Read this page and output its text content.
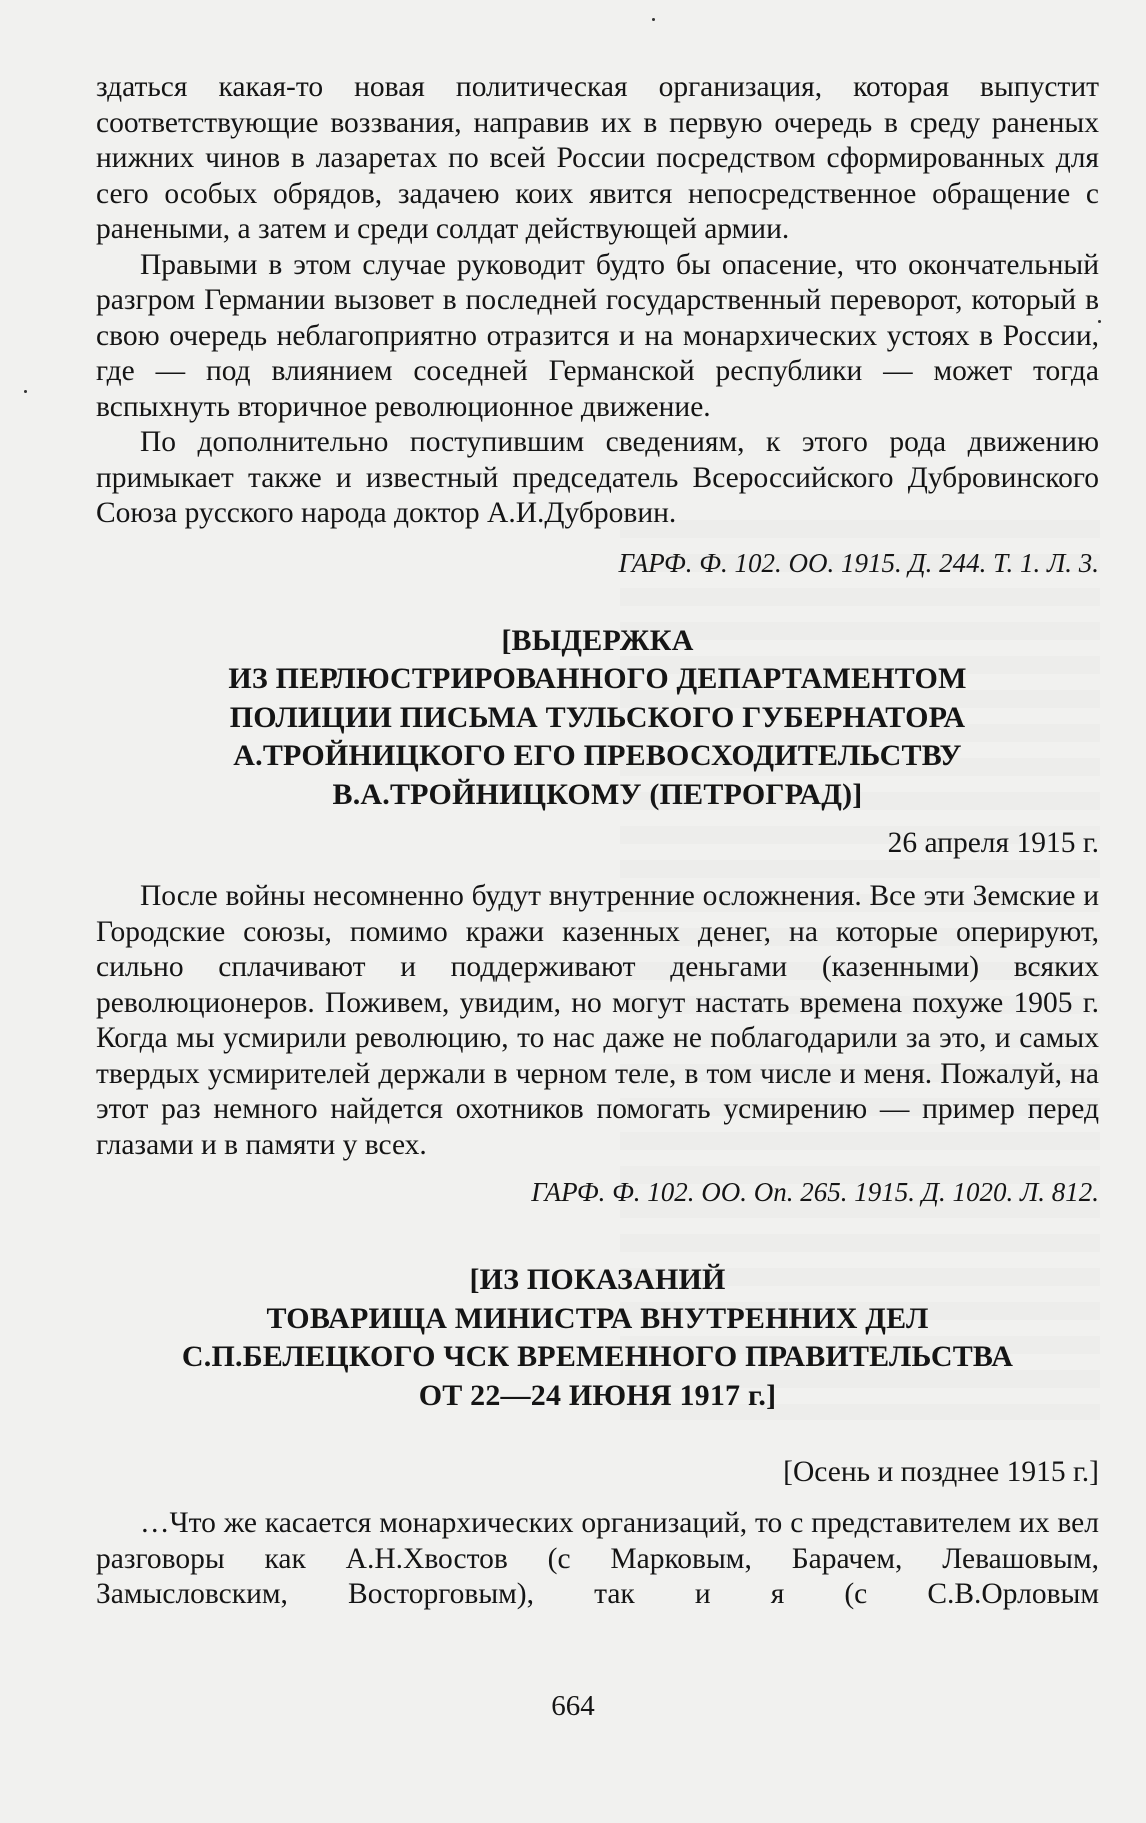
здаться какая-то новая политическая организация, которая выпустит соответствующие воззвания, направив их в первую очередь в среду раненых нижних чинов в лазаретах по всей России посредством сформированных для сего особых обрядов, задачею коих явится непосредственное обращение с ранеными, а затем и среди солдат действующей армии.

Правыми в этом случае руководит будто бы опасение, что окончательный разгром Германии вызовет в последней государственный переворот, который в свою очередь неблагоприятно отразится и на монархических устоях в России, где — под влиянием соседней Германской республики — может тогда вспыхнуть вторичное революционное движение.

По дополнительно поступившим сведениям, к этого рода движению примыкает также и известный председатель Всероссийского Дубровинского Союза русского народа доктор А.И.Дубровин.

ГАРФ. Ф. 102. ОО. 1915. Д. 244. Т. 1. Л. 3.

[ВЫДЕРЖКА
ИЗ ПЕРЛЮСТРИРОВАННОГО ДЕПАРТАМЕНТОМ
ПОЛИЦИИ ПИСЬМА ТУЛЬСКОГО ГУБЕРНАТОРА
А.ТРОЙНИЦКОГО ЕГО ПРЕВОСХОДИТЕЛЬСТВУ
В.А.ТРОЙНИЦКОМУ (ПЕТРОГРАД)]

26 апреля 1915 г.

После войны несомненно будут внутренние осложнения. Все эти Земские и Городские союзы, помимо кражи казенных денег, на которые оперируют, сильно сплачивают и поддерживают деньгами (казенными) всяких революционеров. Поживем, увидим, но могут настать времена похуже 1905 г. Когда мы усмирили революцию, то нас даже не поблагодарили за это, и самых твердых усмирителей держали в черном теле, в том числе и меня. Пожалуй, на этот раз немного найдется охотников помогать усмирению — пример перед глазами и в памяти у всех.

ГАРФ. Ф. 102. ОО. Оп. 265. 1915. Д. 1020. Л. 812.

[ИЗ ПОКАЗАНИЙ
ТОВАРИЩА МИНИСТРА ВНУТРЕННИХ ДЕЛ
С.П.БЕЛЕЦКОГО ЧСК ВРЕМЕННОГО ПРАВИТЕЛЬСТВА
ОТ 22—24 ИЮНЯ 1917 г.]

[Осень и позднее 1915 г.]

…Что же касается монархических организаций, то с представителем их вел разговоры как А.Н.Хвостов (с Марковым, Барачем, Левашовым, Замысловским, Восторговым), так и я (с С.В.Орловым

664
